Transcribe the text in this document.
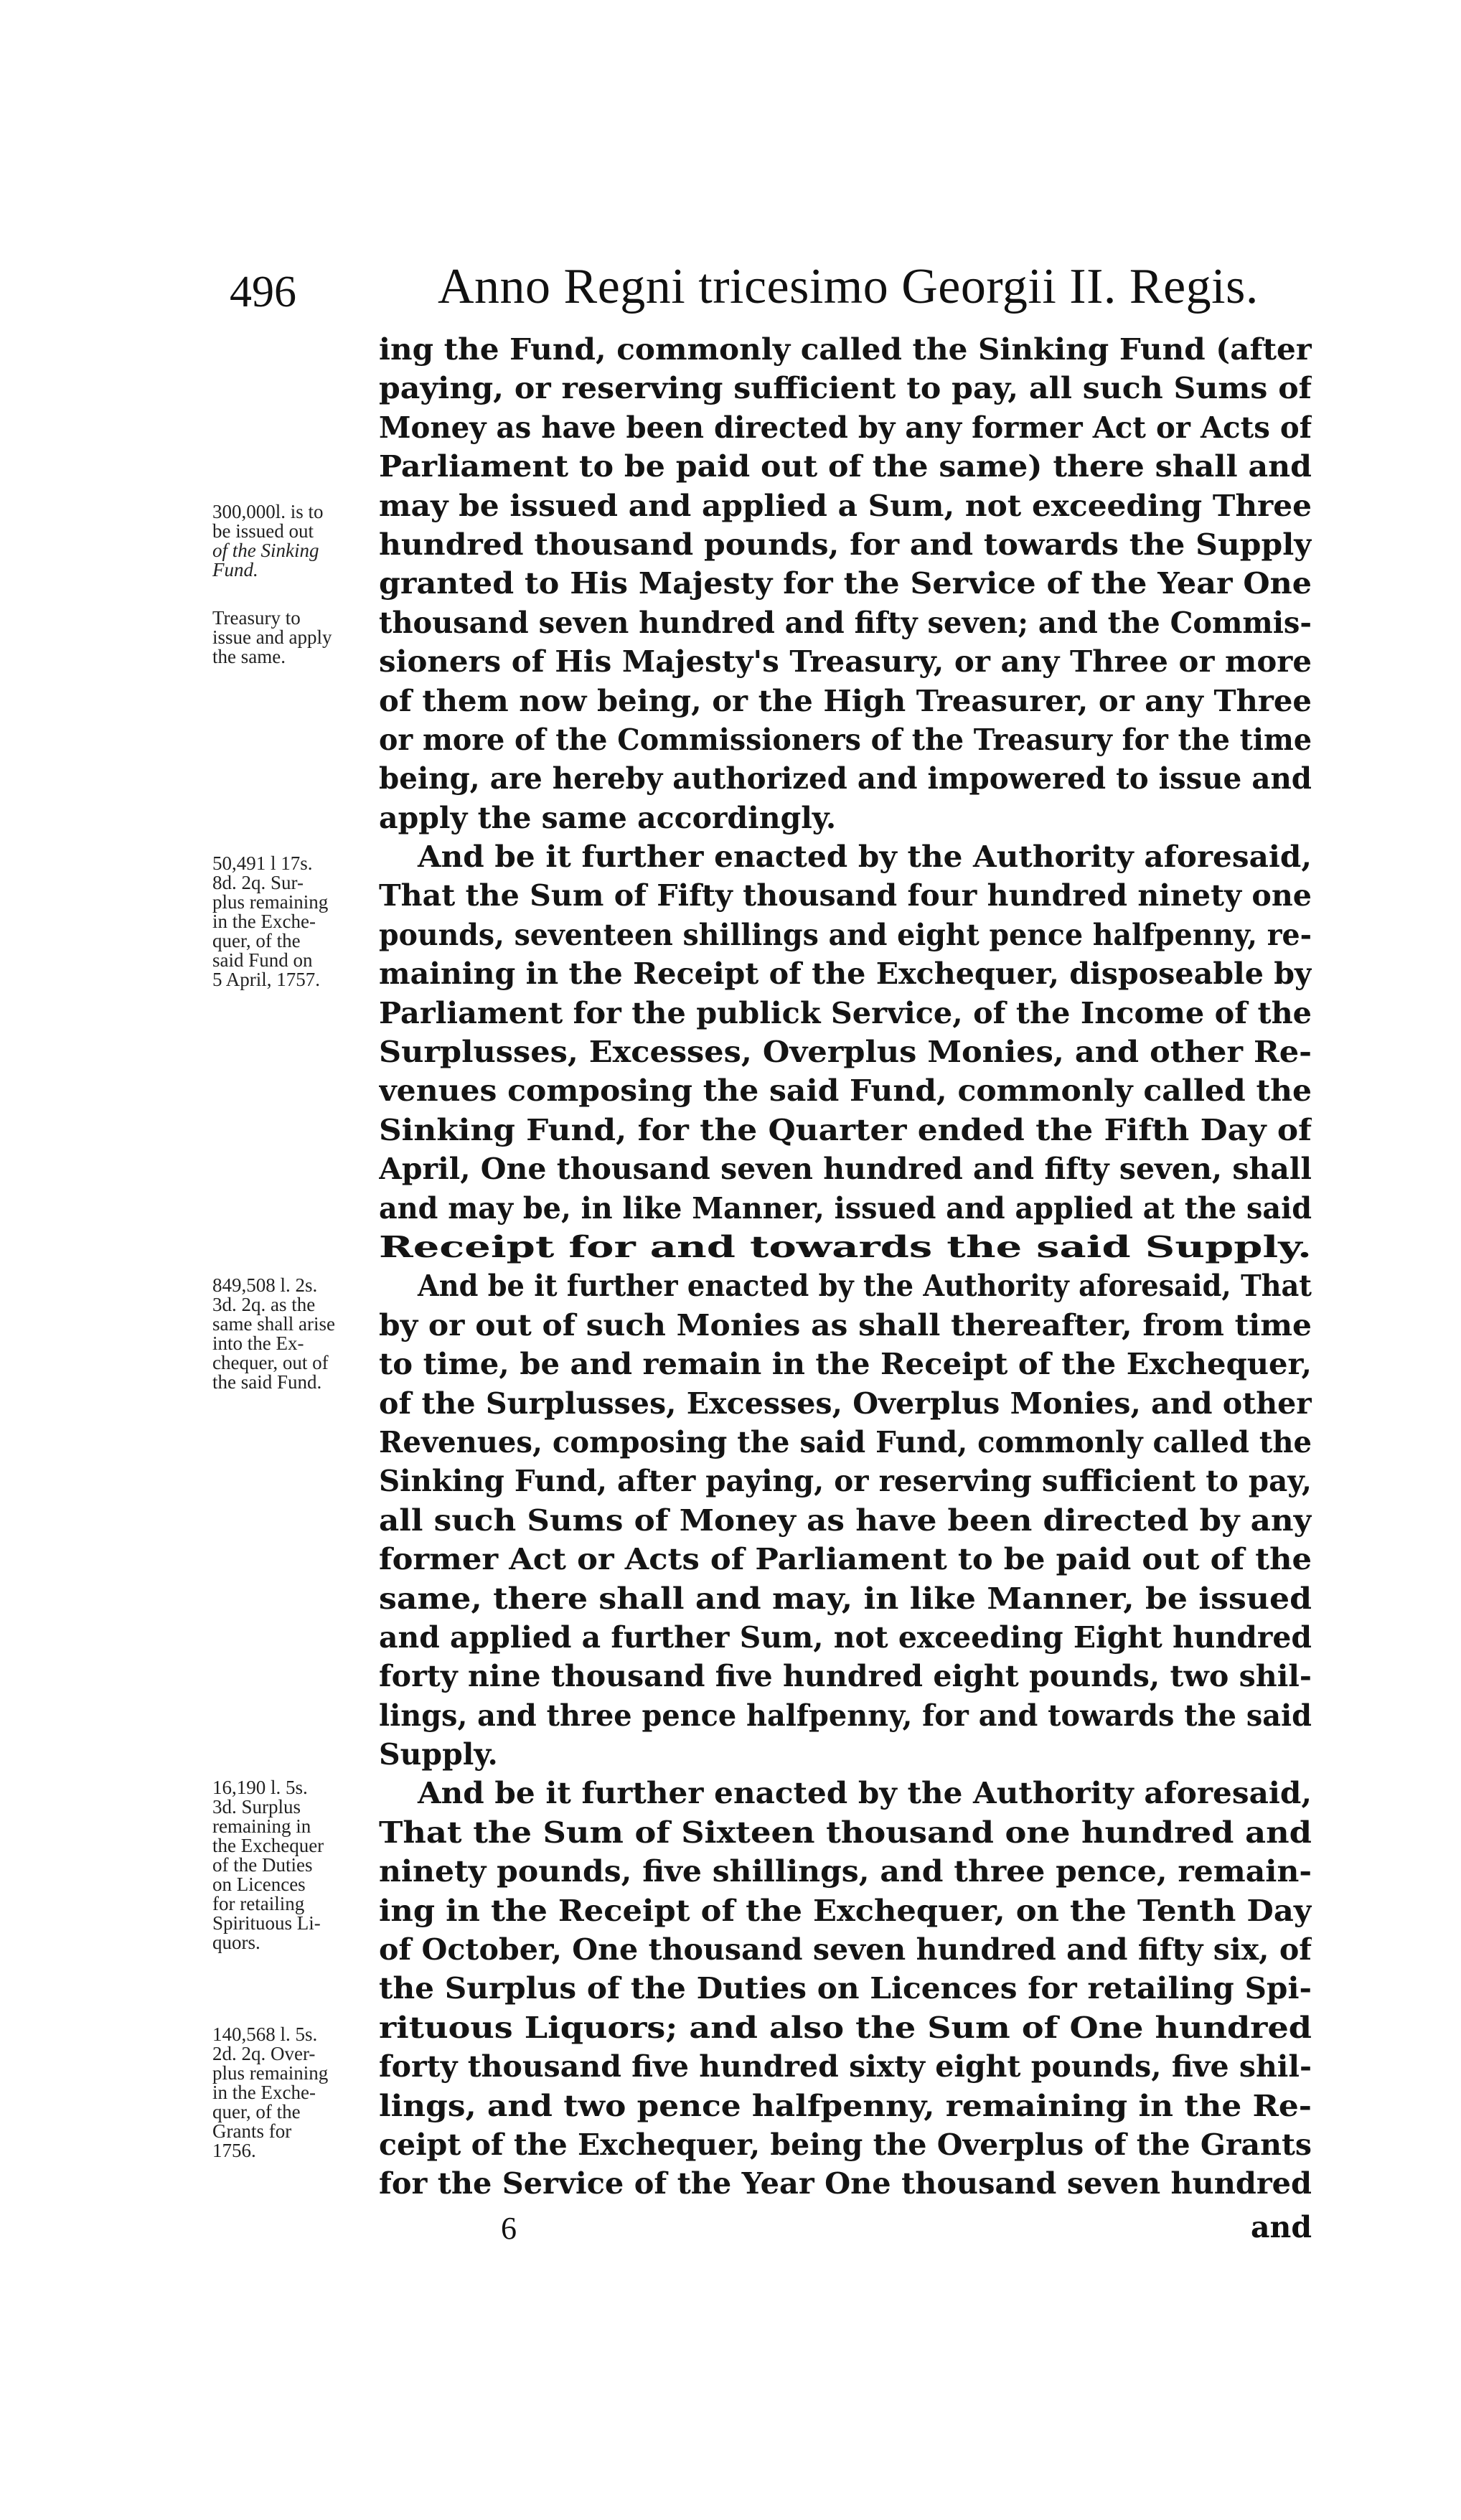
496	Anno Regni tricesimo Georgii II. Regis.
300,000l. is to
be issued out
of the Sinking
Fund.
Treasury to
issue and apply
the same.
50,491 l 17s.
8d. 2q. Sur-
plus remaining
in the Exche-
quer, of the
said Fund on
5 April, 1757.
849,508 l. 2s.
3d. 2q. as the
same shall arise
into the Ex-
chequer, out of
the said Fund.
16,190 l. 5s.
3d. Surplus
remaining in
the Exchequer
of the Duties
on Licences
for retailing
Spirituous Li-
quors.
140,568 l. 5s.
2d. 2q. Over-
plus remaining
in the Exche-
quer, of the
Grants for
1756.
ing the Fund, commonly called the Sinking Fund (after
paying, or reserving sufficient to pay, all such Sums of
Money as have been directed by any former Act or Acts of
Parliament to be paid out of the same) there shall and
may be issued and applied a Sum, not exceeding Three
hundred thousand pounds, for and towards the Supply
granted to His Majesty for the Service of the Year One
thousand seven hundred and fifty seven; and the Commis-
sioners of His Majesty's Treasury, or any Three or more
of them now being, or the High Treasurer, or any Three
or more of the Commissioners of the Treasury for the time
being, are hereby authorized and impowered to issue and
apply the same accordingly.
And be it further enacted by the Authority aforesaid,
That the Sum of Fifty thousand four hundred ninety one
pounds, seventeen shillings and eight pence halfpenny, re-
maining in the Receipt of the Exchequer, disposeable by
Parliament for the publick Service, of the Income of the
Surplusses, Excesses, Overplus Monies, and other Re-
venues composing the said Fund, commonly called the
Sinking Fund, for the Quarter ended the Fifth Day of
April, One thousand seven hundred and fifty seven, shall
and may be, in like Manner, issued and applied at the said
Receipt for and towards the said Supply.
And be it further enacted by the Authority aforesaid, That
by or out of such Monies as shall thereafter, from time
to time, be and remain in the Receipt of the Exchequer,
of the Surplusses, Excesses, Overplus Monies, and other
Revenues, composing the said Fund, commonly called the
Sinking Fund, after paying, or reserving sufficient to pay,
all such Sums of Money as have been directed by any
former Act or Acts of Parliament to be paid out of the
same, there shall and may, in like Manner, be issued
and applied a further Sum, not exceeding Eight hundred
forty nine thousand five hundred eight pounds, two shil-
lings, and three pence halfpenny, for and towards the said
Supply.
And be it further enacted by the Authority aforesaid,
That the Sum of Sixteen thousand one hundred and
ninety pounds, five shillings, and three pence, remain-
ing in the Receipt of the Exchequer, on the Tenth Day
of October, One thousand seven hundred and fifty six, of
the Surplus of the Duties on Licences for retailing Spi-
rituous Liquors; and also the Sum of One hundred
forty thousand five hundred sixty eight pounds, five shil-
lings, and two pence halfpenny, remaining in the Re-
ceipt of the Exchequer, being the Overplus of the Grants
for the Service of the Year One thousand seven hundred
6	and
